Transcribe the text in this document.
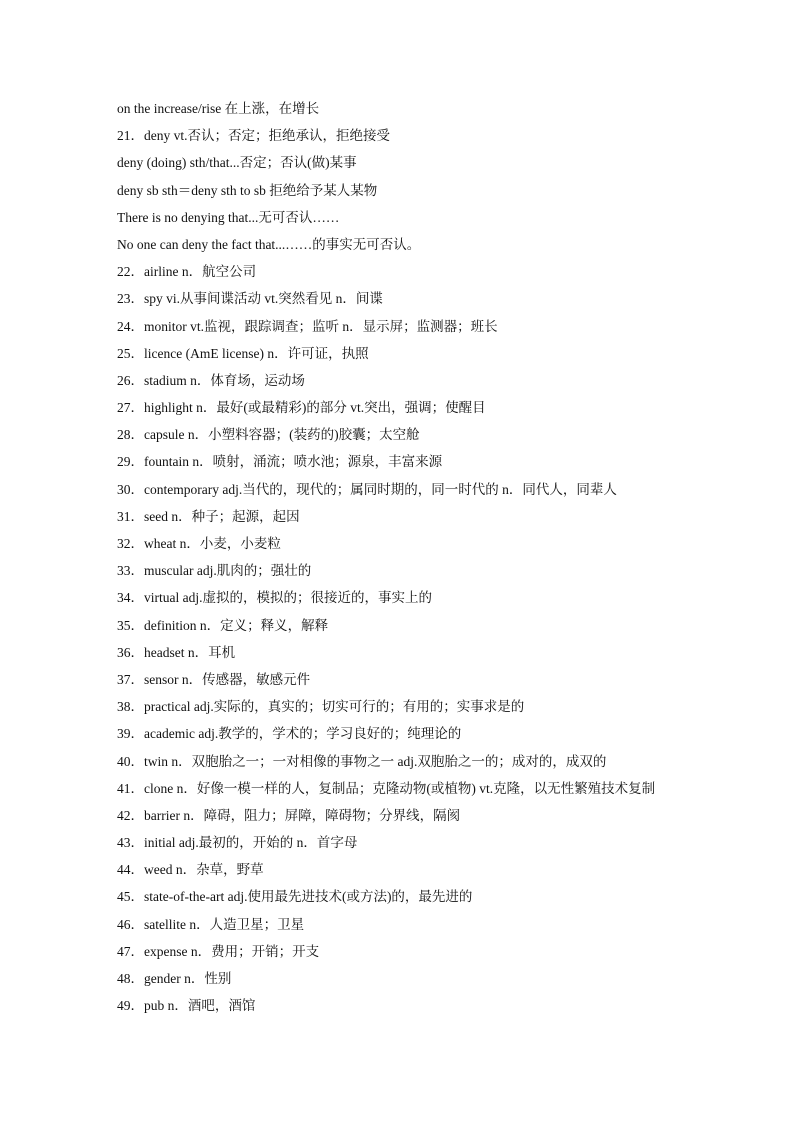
on the increase/rise 在上涨，在增长
21．deny vt.否认；否定；拒绝承认，拒绝接受
deny (doing) sth/that...否定；否认(做)某事
deny sb sth＝deny sth to sb 拒绝给予某人某物
There is no denying that...无可否认……
No one can deny the fact that...……的事实无可否认。
22．airline n．航空公司
23．spy vi.从事间谍活动 vt.突然看见 n．间谍
24．monitor vt.监视，跟踪调查；监听 n．显示屏；监测器；班长
25．licence (AmE license) n．许可证，执照
26．stadium n．体育场，运动场
27．highlight n．最好(或最精彩)的部分 vt.突出，强调；使醒目
28．capsule n．小塑料容器；(装药的)胶囊；太空舱
29．fountain n．喷射，涌流；喷水池；源泉，丰富来源
30．contemporary adj.当代的，现代的；属同时期的，同一时代的 n．同代人，同辈人
31．seed n．种子；起源，起因
32．wheat n．小麦，小麦粒
33．muscular adj.肌肉的；强壮的
34．virtual adj.虚拟的，模拟的；很接近的，事实上的
35．definition n．定义；释义，解释
36．headset n．耳机
37．sensor n．传感器，敏感元件
38．practical adj.实际的，真实的；切实可行的；有用的；实事求是的
39．academic adj.教学的，学术的；学习良好的；纯理论的
40．twin n．双胞胎之一；一对相像的事物之一 adj.双胞胎之一的；成对的，成双的
41．clone n．好像一模一样的人，复制品；克隆动物(或植物) vt.克隆，以无性繁殖技术复制
42．barrier n．障碍，阻力；屏障，障碍物；分界线，隔阂
43．initial adj.最初的，开始的 n．首字母
44．weed n．杂草，野草
45．state-of-the-art adj.使用最先进技术(或方法)的，最先进的
46．satellite n．人造卫星；卫星
47．expense n．费用；开销；开支
48．gender n．性别
49．pub n．酒吧，酒馆
